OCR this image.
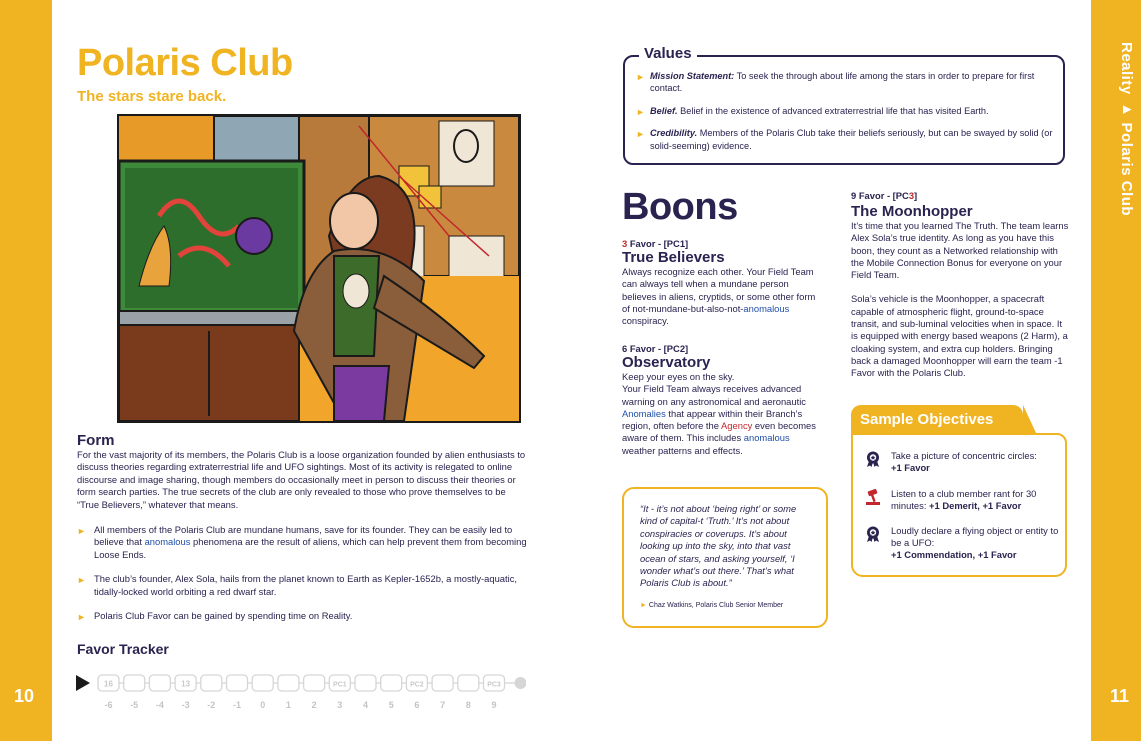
10	11
Reality ▸ Polaris Club
Polaris Club
The stars stare back.
Form
For the vast majority of its members, the Polaris Club is a loose organization founded by alien enthusiasts to discuss theories regarding extraterrestrial life and UFO sightings. Most of its activity is relegated to online discourse and image sharing, though members do occasionally meet in person to discuss their theories or form search parties. The true secrets of the club are only revealed to those who prove themselves to be “True Believers,” whatever that means.
► All members of the Polaris Club are mundane humans, save for its founder. They can be easily led to believe that anomalous phenomena are the result of aliens, which can help prevent them from becoming Loose Ends.
► The club’s founder, Alex Sola, hails from the planet known to Earth as Kepler-1652b, a mostly-aquatic, tidally-locked world orbiting a red dwarf star.
► Polaris Club Favor can be gained by spending time on Reality.
Favor Tracker
16	13	PC1	PC2	PC3
-6 -5 -4 -3 -2 -1 0 1 2 3 4 5 6 7 8 9
Values
► Mission Statement: To seek the through about life among the stars in order to prepare for first contact.
► Belief. Belief in the existence of advanced extraterrestrial life that has visited Earth.
► Credibility. Members of the Polaris Club take their beliefs seriously, but can be swayed by solid (or solid-seeming) evidence.
Boons
3 Favor - [PC1]
True Believers
Always recognize each other. Your Field Team can always tell when a mundane person believes in aliens, cryptids, or some other form of not-mundane-but-also-not-anomalous conspiracy.
6 Favor - [PC2]
Observatory
Keep your eyes on the sky.
Your Field Team always receives advanced warning on any astronomical and aeronautic Anomalies that appear within their Branch’s region, often before the Agency even becomes aware of them. This includes anomalous weather patterns and effects.
9 Favor - [PC3]
The Moonhopper
It’s time that you learned The Truth. The team learns Alex Sola’s true identity. As long as you have this boon, they count as a Networked relationship with the Mobile Connection Bonus for everyone on your Field Team.
Sola’s vehicle is the Moonhopper, a spacecraft capable of atmospheric flight, ground-to-space transit, and sub-luminal velocities when in space. It is equipped with energy based weapons (2 Harm), a cloaking system, and extra cup holders. Bringing back a damaged Moonhopper will earn the team -1 Favor with the Polaris Club.
“It - it’s not about ‘being right’ or some kind of capital-t ‘Truth.’ It’s not about conspiracies or coverups. It’s about looking up into the sky, into that vast ocean of stars, and asking yourself, ‘I wonder what’s out there.’ That’s what Polaris Club is about.”
► Chaz Watkins, Polaris Club Senior Member
Sample Objectives
Take a picture of concentric circles:
+1 Favor
Listen to a club member rant for 30 minutes: +1 Demerit, +1 Favor
Loudly declare a flying object or entity to be a UFO:
+1 Commendation, +1 Favor
